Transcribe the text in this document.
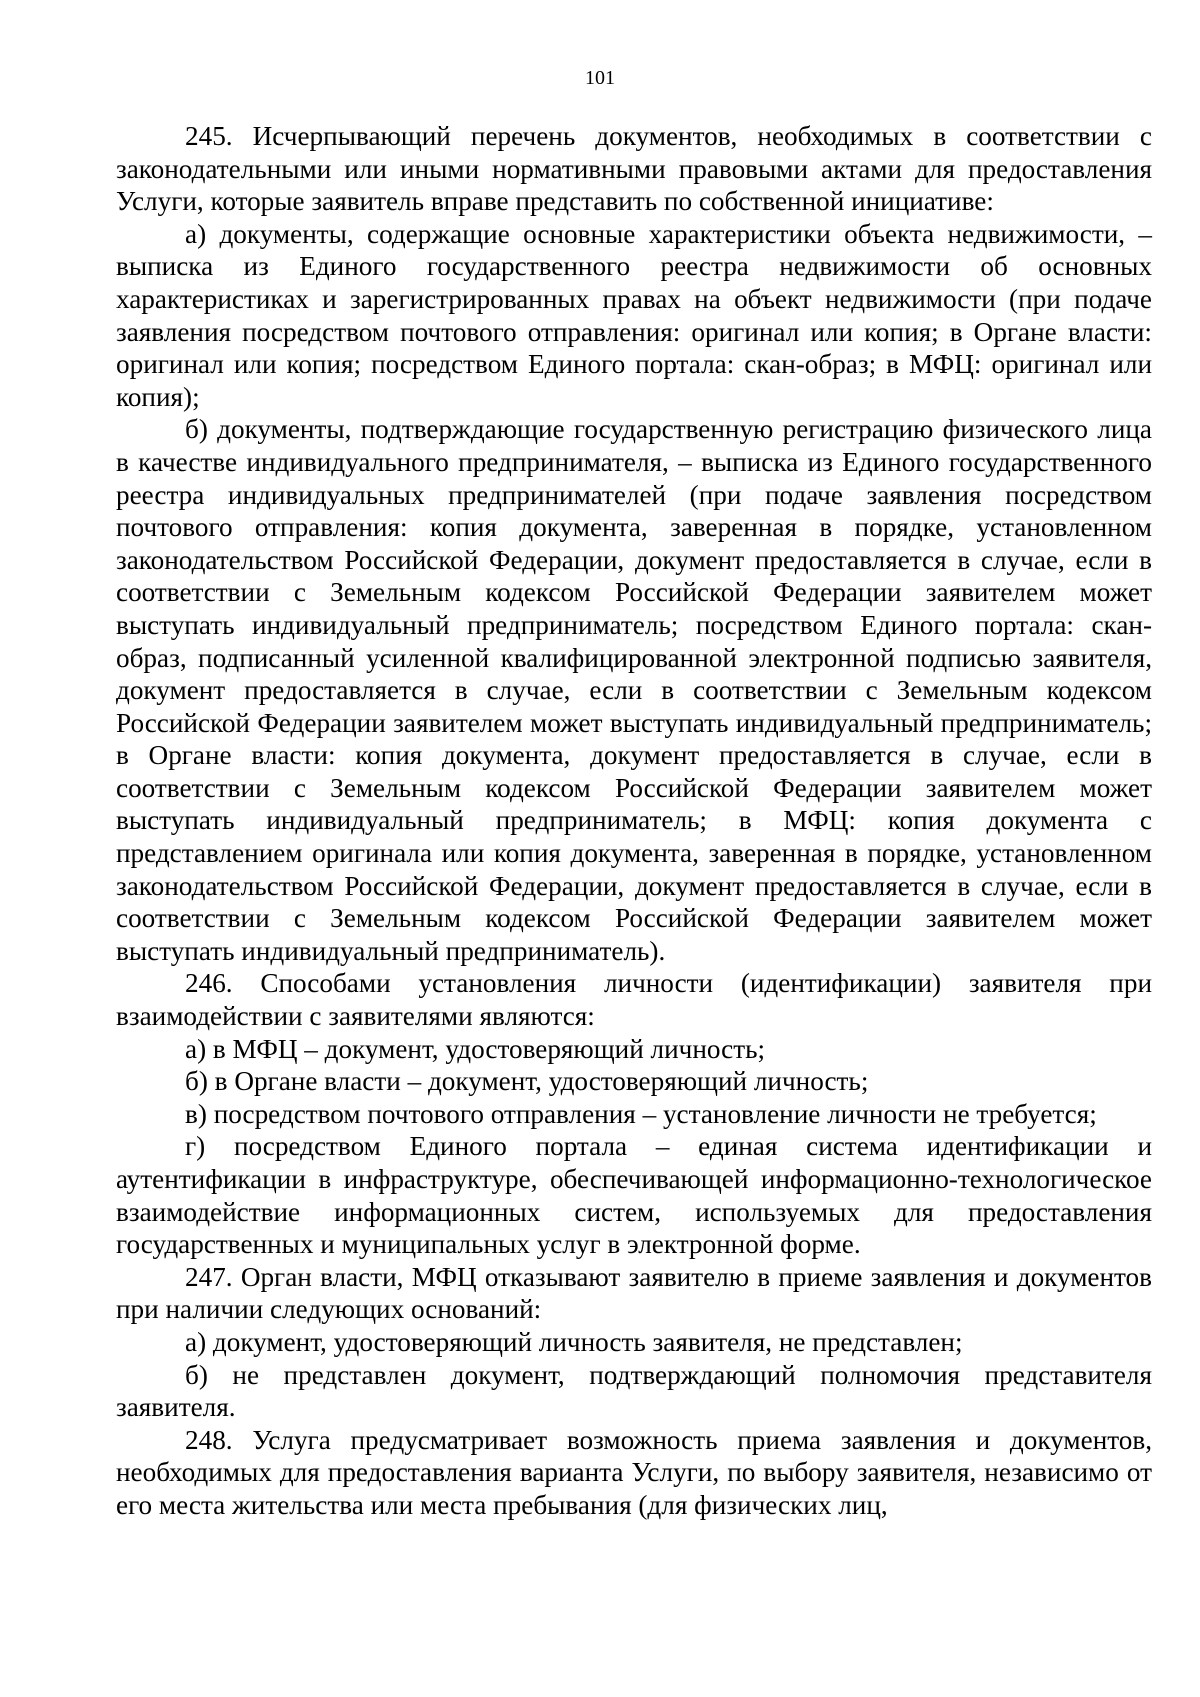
101

245. Исчерпывающий перечень документов, необходимых в соответствии с законодательными или иными нормативными правовыми актами для предоставления Услуги, которые заявитель вправе представить по собственной инициативе:

а) документы, содержащие основные характеристики объекта недвижимости, – выписка из Единого государственного реестра недвижимости об основных характеристиках и зарегистрированных правах на объект недвижимости (при подаче заявления посредством почтового отправления: оригинал или копия; в Органе власти: оригинал или копия; посредством Единого портала: скан-образ; в МФЦ: оригинал или копия);

б) документы, подтверждающие государственную регистрацию физического лица в качестве индивидуального предпринимателя, – выписка из Единого государственного реестра индивидуальных предпринимателей (при подаче заявления посредством почтового отправления: копия документа, заверенная в порядке, установленном законодательством Российской Федерации, документ предоставляется в случае, если в соответствии с Земельным кодексом Российской Федерации заявителем может выступать индивидуальный предприниматель; посредством Единого портала: скан-образ, подписанный усиленной квалифицированной электронной подписью заявителя, документ предоставляется в случае, если в соответствии с Земельным кодексом Российской Федерации заявителем может выступать индивидуальный предприниматель; в Органе власти: копия документа, документ предоставляется в случае, если в соответствии с Земельным кодексом Российской Федерации заявителем может выступать индивидуальный предприниматель; в МФЦ: копия документа с представлением оригинала или копия документа, заверенная в порядке, установленном законодательством Российской Федерации, документ предоставляется в случае, если в соответствии с Земельным кодексом Российской Федерации заявителем может выступать индивидуальный предприниматель).

246. Способами установления личности (идентификации) заявителя при взаимодействии с заявителями являются:

а) в МФЦ – документ, удостоверяющий личность;

б) в Органе власти – документ, удостоверяющий личность;

в) посредством почтового отправления – установление личности не требуется;

г) посредством Единого портала – единая система идентификации и аутентификации в инфраструктуре, обеспечивающей информационно-технологическое взаимодействие информационных систем, используемых для предоставления государственных и муниципальных услуг в электронной форме.

247. Орган власти, МФЦ отказывают заявителю в приеме заявления и документов при наличии следующих оснований:

а) документ, удостоверяющий личность заявителя, не представлен;

б) не представлен документ, подтверждающий полномочия представителя заявителя.

248. Услуга предусматривает возможность приема заявления и документов, необходимых для предоставления варианта Услуги, по выбору заявителя, независимо от его места жительства или места пребывания (для физических лиц,
